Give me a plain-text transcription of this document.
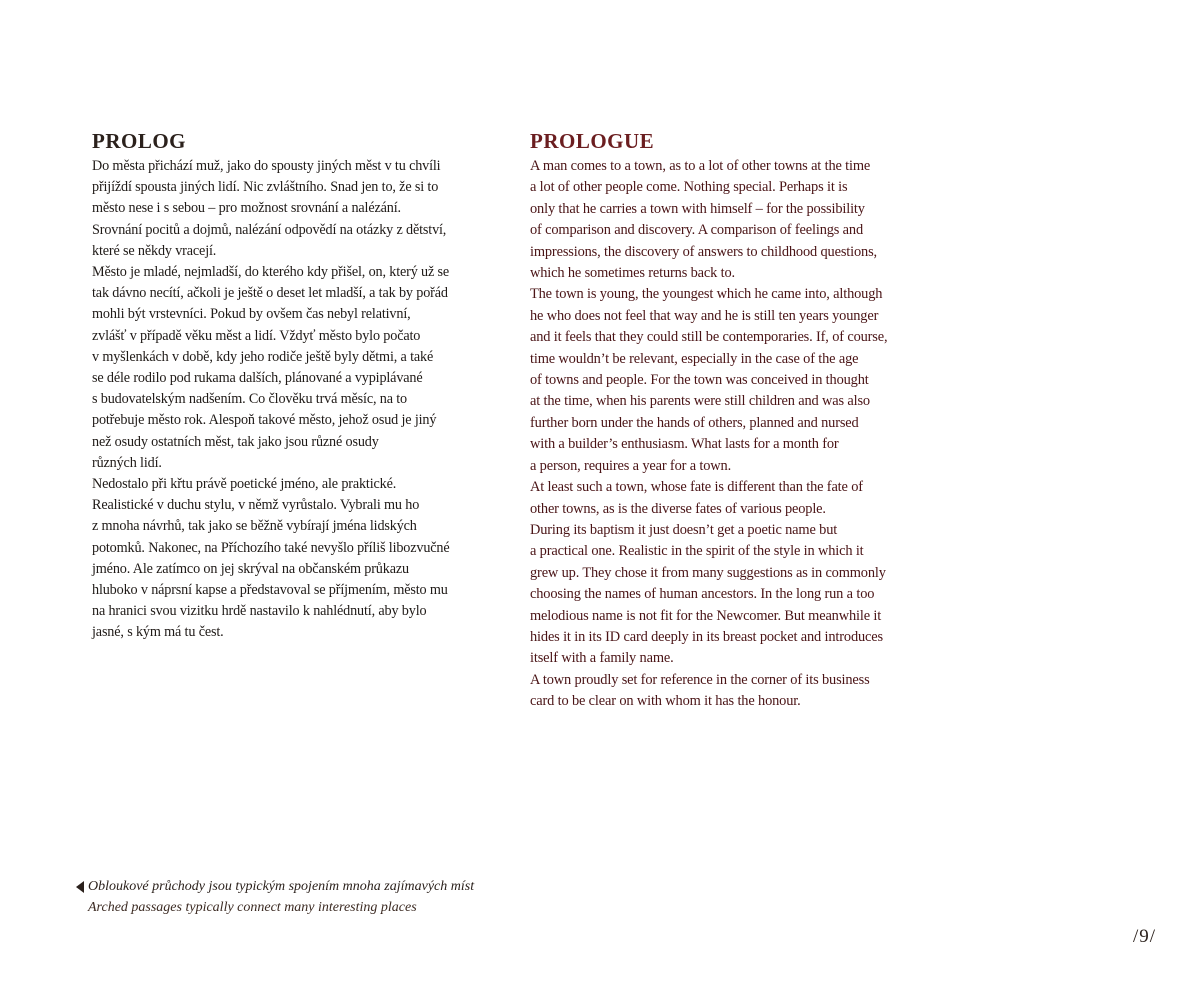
PROLOG
Do města přichází muž, jako do spousty jiných měst v tu chvíli
přijíždí spousta jiných lidí. Nic zvláštního. Snad jen to, že si to
město nese i s sebou – pro možnost srovnání a nalézání.
Srovnání pocitů a dojmů, nalézání odpovědí na otázky z dětství,
které se někdy vracejí.
Město je mladé, nejmladší, do kterého kdy přišel, on, který už se
tak dávno necítí, ačkoli je ještě o deset let mladší, a tak by pořád
mohli být vrstevníci. Pokud by ovšem čas nebyl relativní,
zvlášť v případě věku měst a lidí. Vždyť město bylo počato
v myšlenkách v době, kdy jeho rodiče ještě byly dětmi, a také
se déle rodilo pod rukama dalších, plánované a vypiplávané
s budovatelským nadšením. Co člověku trvá měsíc, na to
potřebuje město rok. Alespoň takové město, jehož osud je jiný
než osudy ostatních měst, tak jako jsou různé osudy
různých lidí.
Nedostalo při křtu právě poetické jméno, ale praktické.
Realistické v duchu stylu, v němž vyrůstalo. Vybrali mu ho
z mnoha návrhů, tak jako se běžně vybírají jména lidských
potomků. Nakonec, na Příchozího také nevyšlo příliš libozvučné
jméno. Ale zatímco on jej skrýval na občanském průkazu
hluboko v náprsní kapse a představoval se příjmením, město mu
na hranici svou vizitku hrdě nastavilo k nahlédnutí, aby bylo
jasné, s kým má tu čest.
PROLOGUE
A man comes to a town, as to a lot of other towns at the time
a lot of other people come. Nothing special. Perhaps it is
only that he carries a town with himself – for the possibility
of comparison and discovery. A comparison of feelings and
impressions, the discovery of answers to childhood questions,
which he sometimes returns back to.
The town is young, the youngest which he came into, although
he who does not feel that way and he is still ten years younger
and it feels that they could still be contemporaries. If, of course,
time wouldn’t be relevant, especially in the case of the age
of towns and people. For the town was conceived in thought
at the time, when his parents were still children and was also
further born under the hands of others, planned and nursed
with a builder’s enthusiasm. What lasts for a month for
a person, requires a year for a town.
At least such a town, whose fate is different than the fate of
other towns, as is the diverse fates of various people.
During its baptism it just doesn’t get a poetic name but
a practical one. Realistic in the spirit of the style in which it
grew up. They chose it from many suggestions as in commonly
choosing the names of human ancestors. In the long run a too
melodious name is not fit for the Newcomer. But meanwhile it
hides it in its ID card deeply in its breast pocket and introduces
itself with a family name.
A town proudly set for reference in the corner of its business
card to be clear on with whom it has the honour.
Obloukové průchody jsou typickým spojením mnoha zajímavých míst
Arched passages typically connect many interesting places
/9/
